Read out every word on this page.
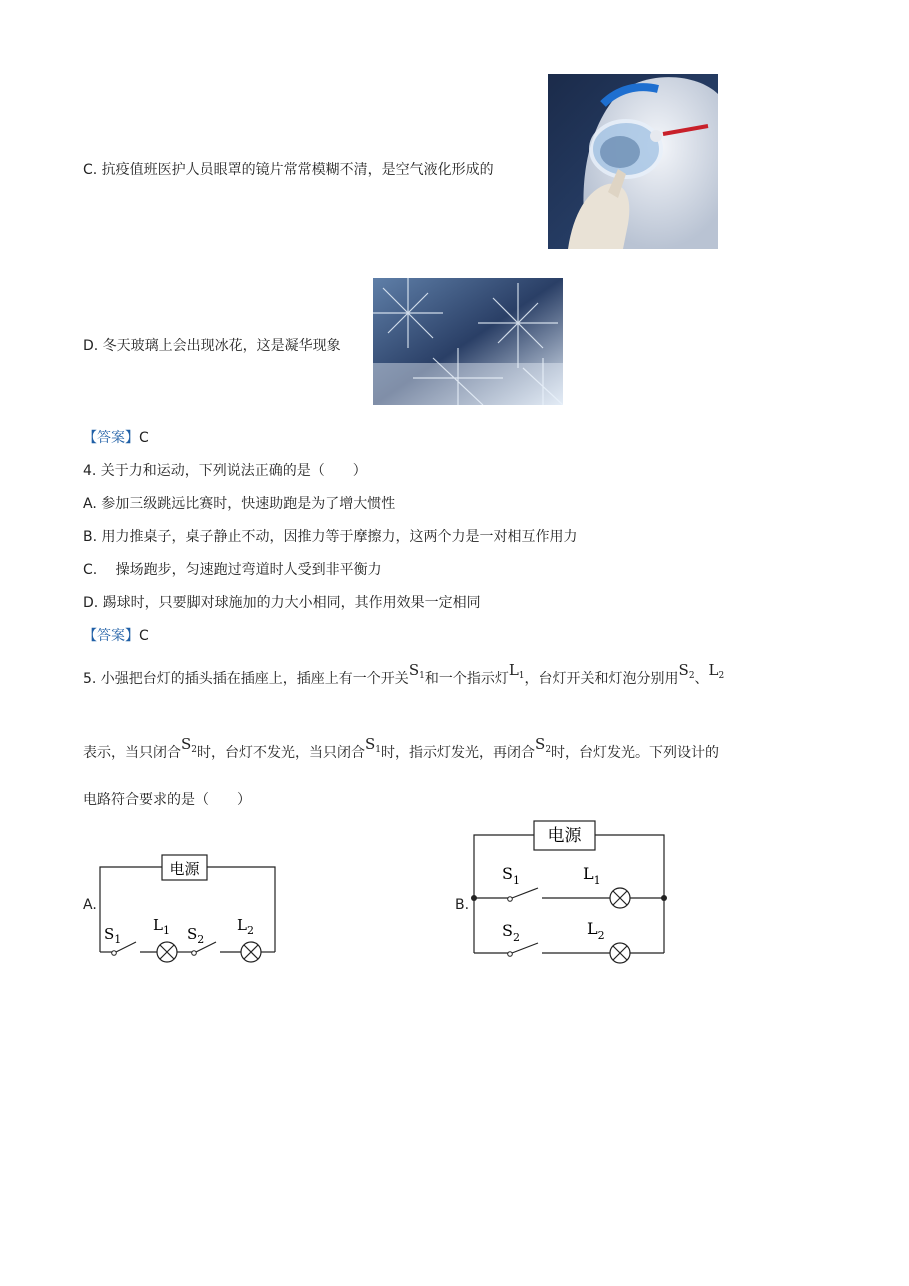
C. 抗疫值班医护人员眼罩的镜片常常模糊不清，是空气液化形成的
D. 冬天玻璃上会出现冰花，这是凝华现象
【答案】C
4. 关于力和运动，下列说法正确的是（　　）
A. 参加三级跳远比赛时，快速助跑是为了增大惯性
B. 用力推桌子，桌子静止不动，因推力等于摩擦力，这两个力是一对相互作用力
C.　 操场跑步，匀速跑过弯道时人受到非平衡力
D. 踢球时，只要脚对球施加的力大小相同，其作用效果一定相同
【答案】C
5. 小强把台灯的插头插在插座上，插座上有一个开关$S_1$和一个指示灯$L_1$，台灯开关和灯泡分别用$S_2$、$L_2$
表示，当只闭合$S_2$时，台灯不发光，当只闭合$S_1$时，指示灯发光，再闭合$S_2$时，台灯发光。下列设计的
电路符合要求的是（　　）
A.
电源
$S_1$
$L_1$ $S_2$
$L_2$
B.
电源
$S_1$	$L_1$
$S_2$	$L_2$
